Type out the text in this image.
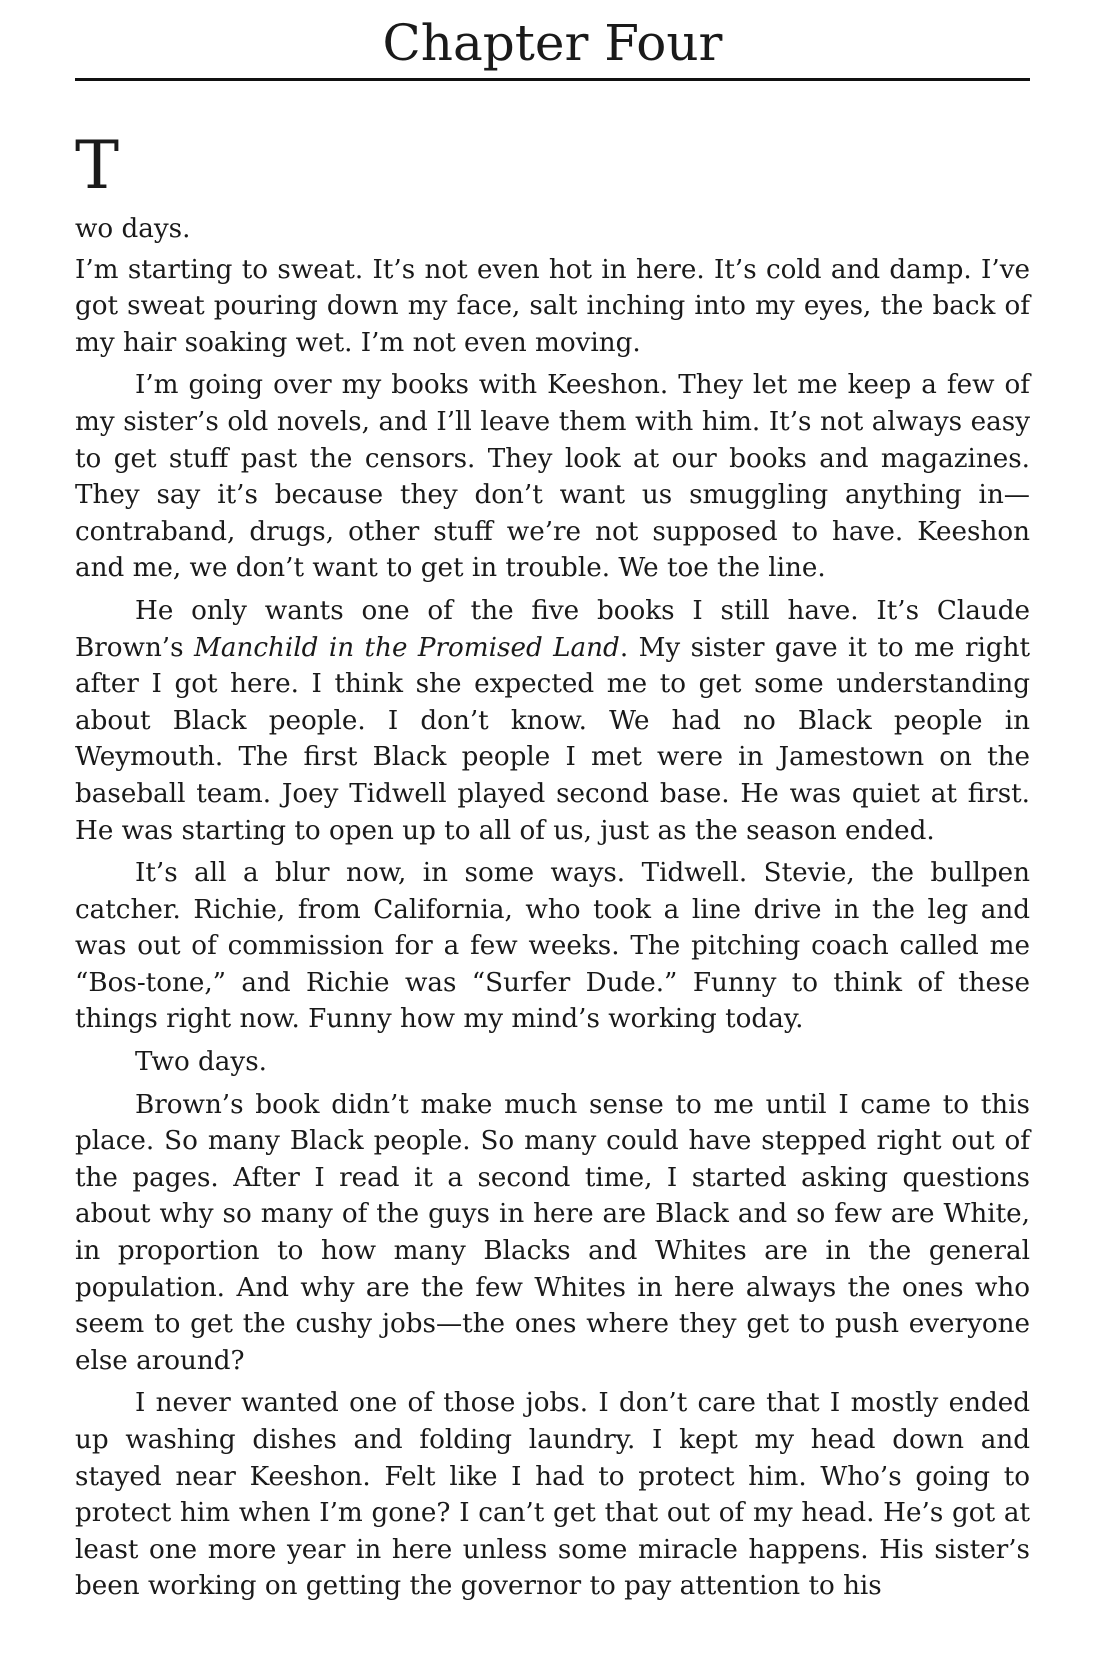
Chapter Four
T
wo days.

I’m starting to sweat. It’s not even hot in here. It’s cold and damp. I’ve got sweat pouring down my face, salt inching into my eyes, the back of my hair soaking wet. I’m not even moving.

I’m going over my books with Keeshon. They let me keep a few of my sister’s old novels, and I’ll leave them with him. It’s not always easy to get stuff past the censors. They look at our books and magazines. They say it’s because they don’t want us smuggling anything in—contraband, drugs, other stuff we’re not supposed to have. Keeshon and me, we don’t want to get in trouble. We toe the line.

He only wants one of the five books I still have. It’s Claude Brown’s Manchild in the Promised Land. My sister gave it to me right after I got here. I think she expected me to get some understanding about Black people. I don’t know. We had no Black people in Weymouth. The first Black people I met were in Jamestown on the baseball team. Joey Tidwell played second base. He was quiet at first. He was starting to open up to all of us, just as the season ended.

It’s all a blur now, in some ways. Tidwell. Stevie, the bullpen catcher. Richie, from California, who took a line drive in the leg and was out of commission for a few weeks. The pitching coach called me “Bos-tone,” and Richie was “Surfer Dude.” Funny to think of these things right now. Funny how my mind’s working today.

Two days.

Brown’s book didn’t make much sense to me until I came to this place. So many Black people. So many could have stepped right out of the pages. After I read it a second time, I started asking questions about why so many of the guys in here are Black and so few are White, in proportion to how many Blacks and Whites are in the general population. And why are the few Whites in here always the ones who seem to get the cushy jobs—the ones where they get to push everyone else around?

I never wanted one of those jobs. I don’t care that I mostly ended up washing dishes and folding laundry. I kept my head down and stayed near Keeshon. Felt like I had to protect him. Who’s going to protect him when I’m gone? I can’t get that out of my head. He’s got at least one more year in here unless some miracle happens. His sister’s been working on getting the governor to pay attention to his
